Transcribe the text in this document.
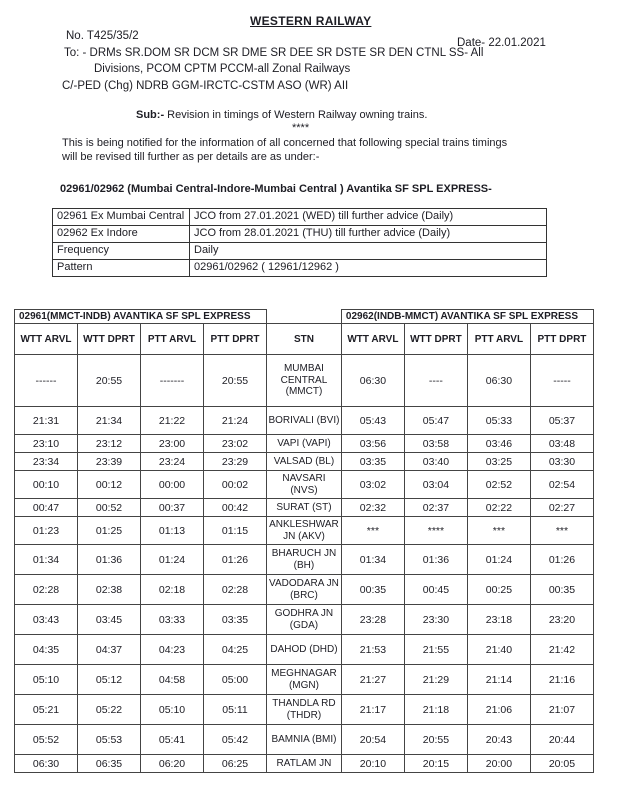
WESTERN RAILWAY
No. T425/35/2
Date- 22.01.2021
To: - DRMs SR.DOM SR DCM SR DME SR DEE SR DSTE SR DEN CTNL SS- All
Divisions, PCOM CPTM PCCM-all Zonal Railways
C/-PED (Chg) NDRB GGM-IRCTC-CSTM ASO (WR) AII
Sub:- Revision in timings of Western Railway owning trains.
****
This is being notified for the information of all concerned that following special trains timings
will be revised till further as per details are as under:-
02961/02962 (Mumbai Central-Indore-Mumbai Central ) Avantika SF SPL EXPRESS-
02961 Ex Mumbai Central	JCO from 27.01.2021 (WED) till further advice (Daily)
02962 Ex Indore	JCO from 28.01.2021 (THU) till further advice (Daily)
Frequency	Daily
Pattern	02961/02962 ( 12961/12962 )
02961(MMCT-INDB) AVANTIKA SF SPL EXPRESS					02962(INDB-MMCT) AVANTIKA SF SPL EXPRESS			
WTT ARVL	WTT DPRT	PTT ARVL	PTT DPRT	STN	WTT ARVL	WTT DPRT	PTT ARVL	PTT DPRT
------	20:55	-------	20:55	MUMBAI CENTRAL (MMCT)	06:30	----	06:30	-----
21:31	21:34	21:22	21:24	BORIVALI (BVI)	05:43	05:47	05:33	05:37
23:10	23:12	23:00	23:02	VAPI (VAPI)	03:56	03:58	03:46	03:48
23:34	23:39	23:24	23:29	VALSAD (BL)	03:35	03:40	03:25	03:30
00:10	00:12	00:00	00:02	NAVSARI (NVS)	03:02	03:04	02:52	02:54
00:47	00:52	00:37	00:42	SURAT (ST)	02:32	02:37	02:22	02:27
01:23	01:25	01:13	01:15	ANKLESHWAR JN (AKV)	***	****	***	***
01:34	01:36	01:24	01:26	BHARUCH JN (BH)	01:34	01:36	01:24	01:26
02:28	02:38	02:18	02:28	VADODARA JN (BRC)	00:35	00:45	00:25	00:35
03:43	03:45	03:33	03:35	GODHRA JN (GDA)	23:28	23:30	23:18	23:20
04:35	04:37	04:23	04:25	DAHOD (DHD)	21:53	21:55	21:40	21:42
05:10	05:12	04:58	05:00	MEGHNAGAR (MGN)	21:27	21:29	21:14	21:16
05:21	05:22	05:10	05:11	THANDLA RD (THDR)	21:17	21:18	21:06	21:07
05:52	05:53	05:41	05:42	BAMNIA (BMI)	20:54	20:55	20:43	20:44
06:30	06:35	06:20	06:25	RATLAM JN	20:10	20:15	20:00	20:05
